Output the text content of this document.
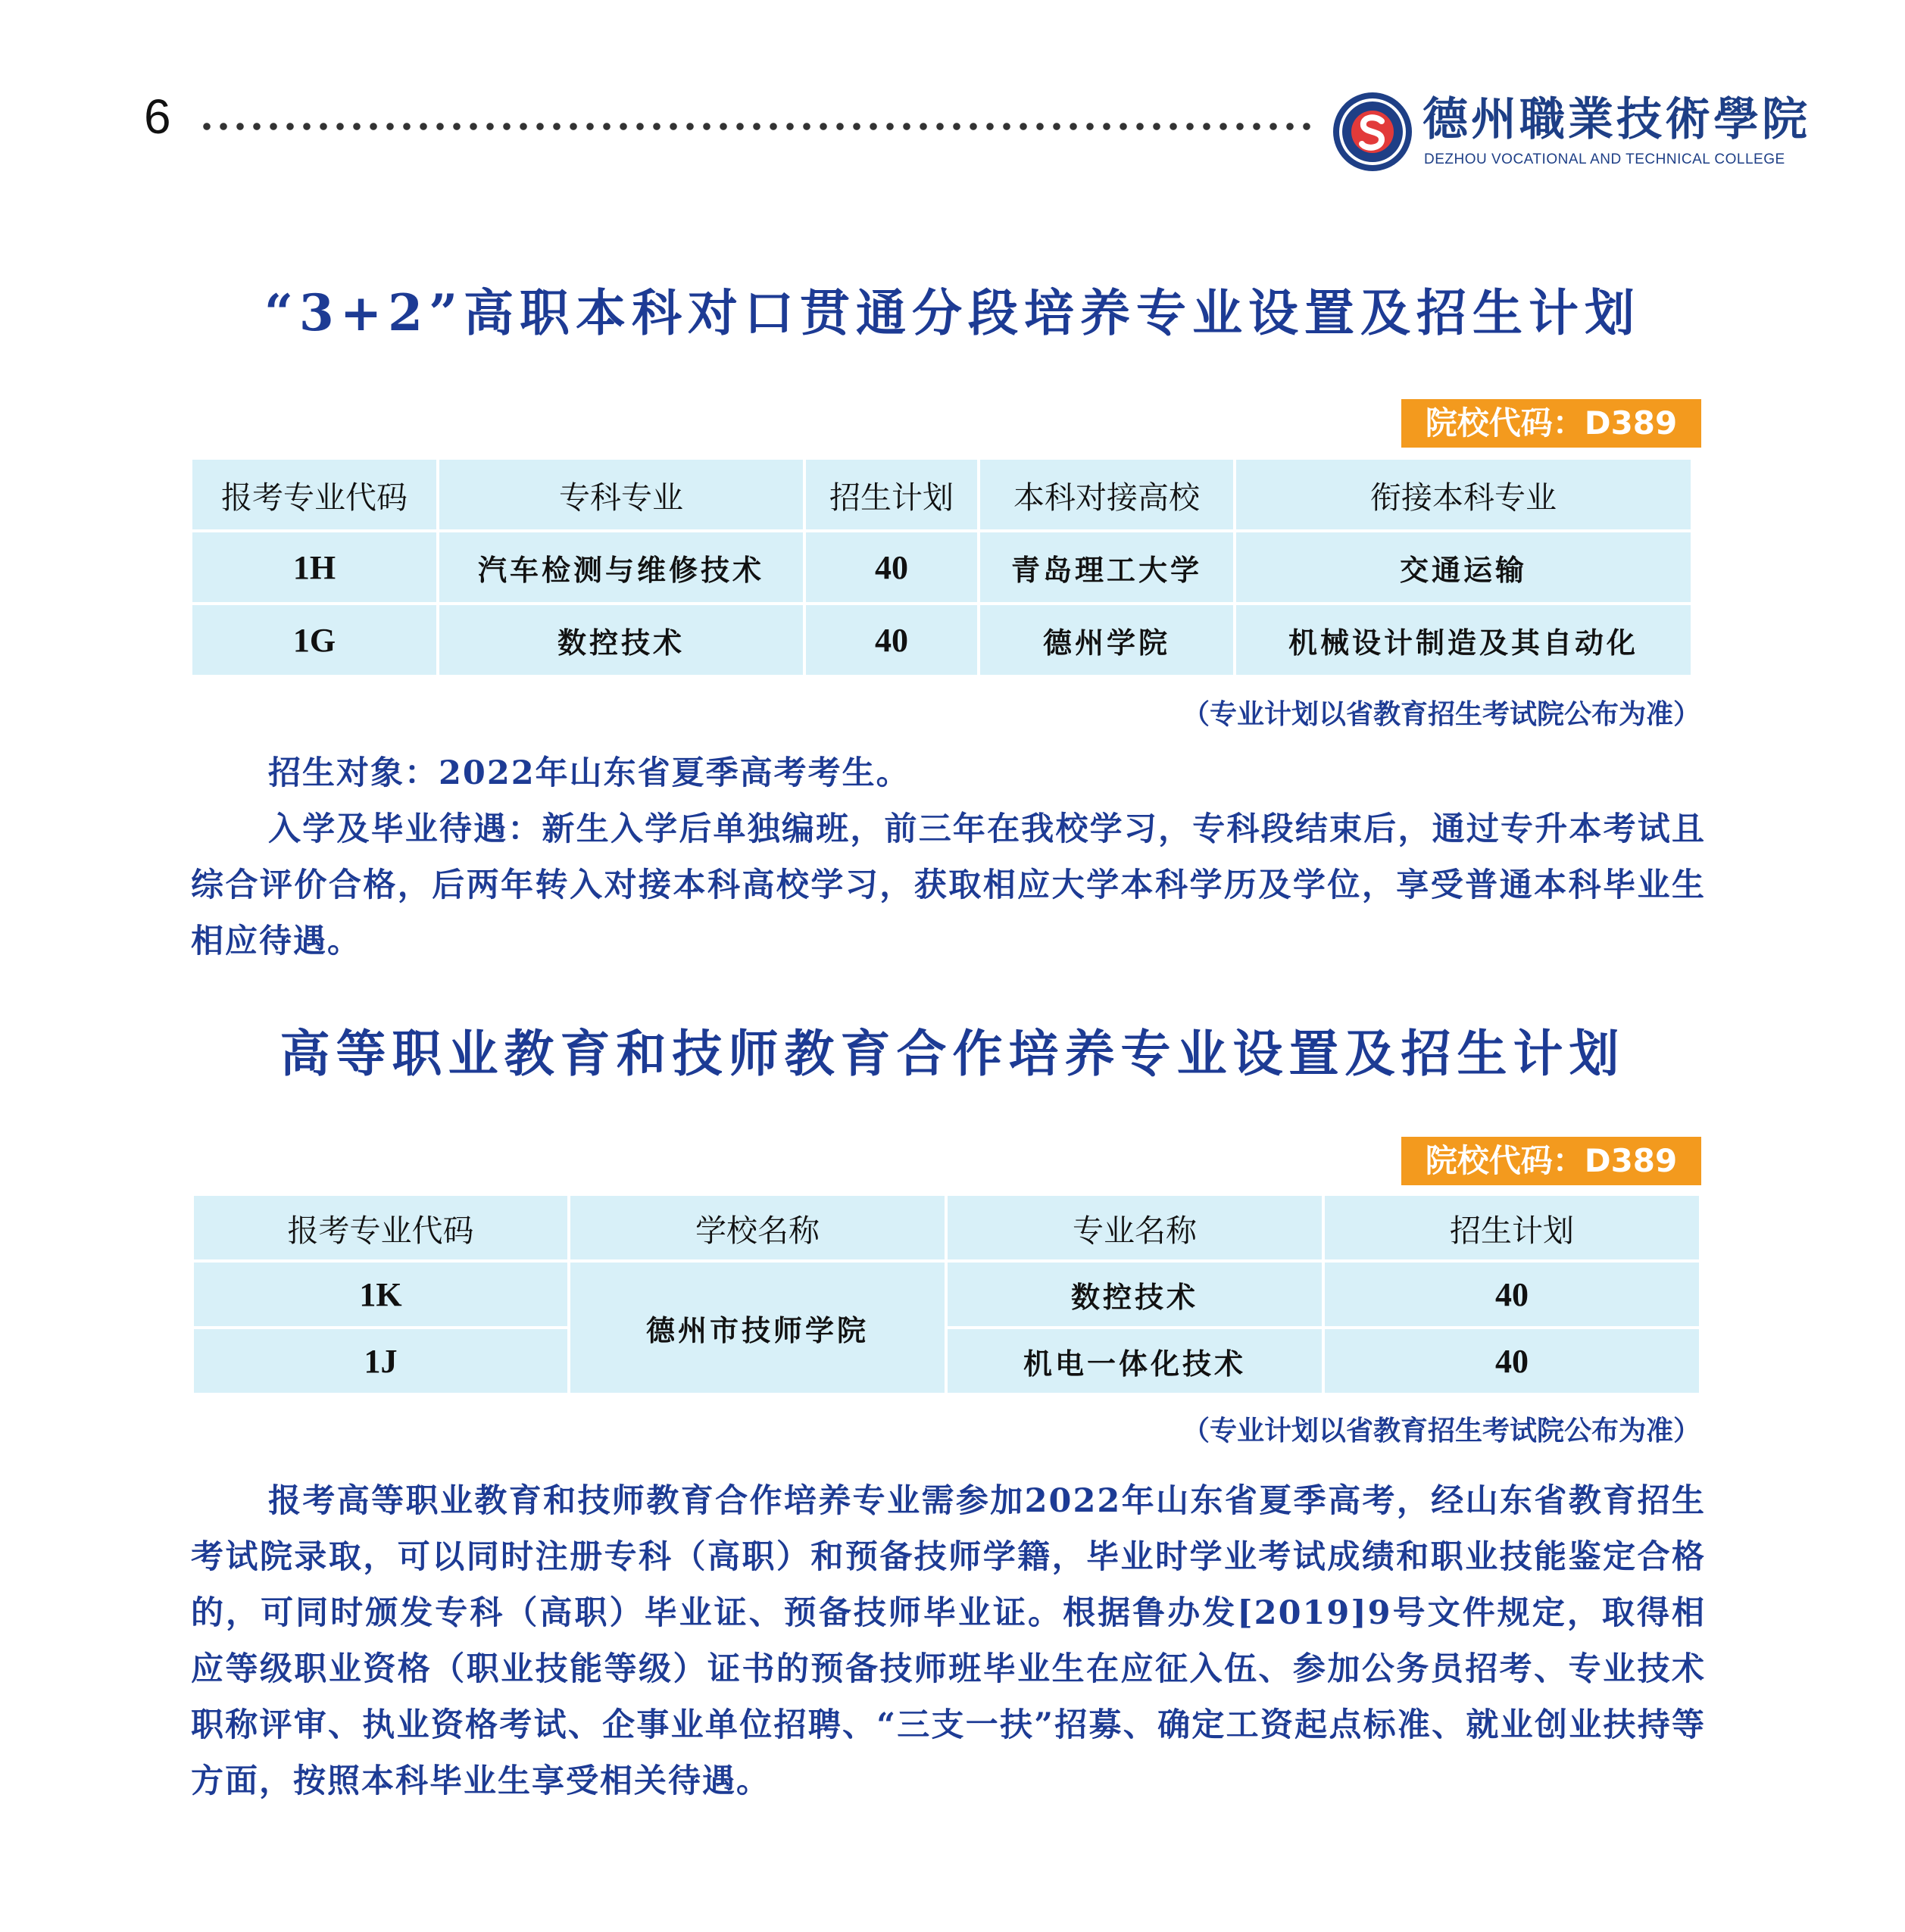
6	德州職業技術學院
DEZHOU VOCATIONAL AND TECHNICAL COLLEGE
“3+2”高职本科对口贯通分段培养专业设置及招生计划
院校代码：D389
报考专业代码	专科专业	招生计划	本科对接高校	衔接本科专业
1H	汽车检测与维修技术	40	青岛理工大学	交通运输
1G	数控技术	40	德州学院	机械设计制造及其自动化
（专业计划以省教育招生考试院公布为准）

招生对象：2022年山东省夏季高考考生。

入学及毕业待遇：新生入学后单独编班，前三年在我校学习，专科段结束后，通过专升本考试且综合评价合格，后两年转入对接本科高校学习，获取相应大学本科学历及学位，享受普通本科毕业生相应待遇。

高等职业教育和技师教育合作培养专业设置及招生计划
院校代码：D389
报考专业代码	学校名称	专业名称	招生计划
1K	德州市技师学院	数控技术	40
1J		机电一体化技术	40
（专业计划以省教育招生考试院公布为准）

报考高等职业教育和技师教育合作培养专业需参加2022年山东省夏季高考，经山东省教育招生考试院录取，可以同时注册专科（高职）和预备技师学籍，毕业时学业考试成绩和职业技能鉴定合格的，可同时颁发专科（高职）毕业证、预备技师毕业证。根据鲁办发[2019]9号文件规定，取得相应等级职业资格（职业技能等级）证书的预备技师班毕业生在应征入伍、参加公务员招考、专业技术职称评审、执业资格考试、企事业单位招聘、“三支一扶”招募、确定工资起点标准、就业创业扶持等方面，按照本科毕业生享受相关待遇。
